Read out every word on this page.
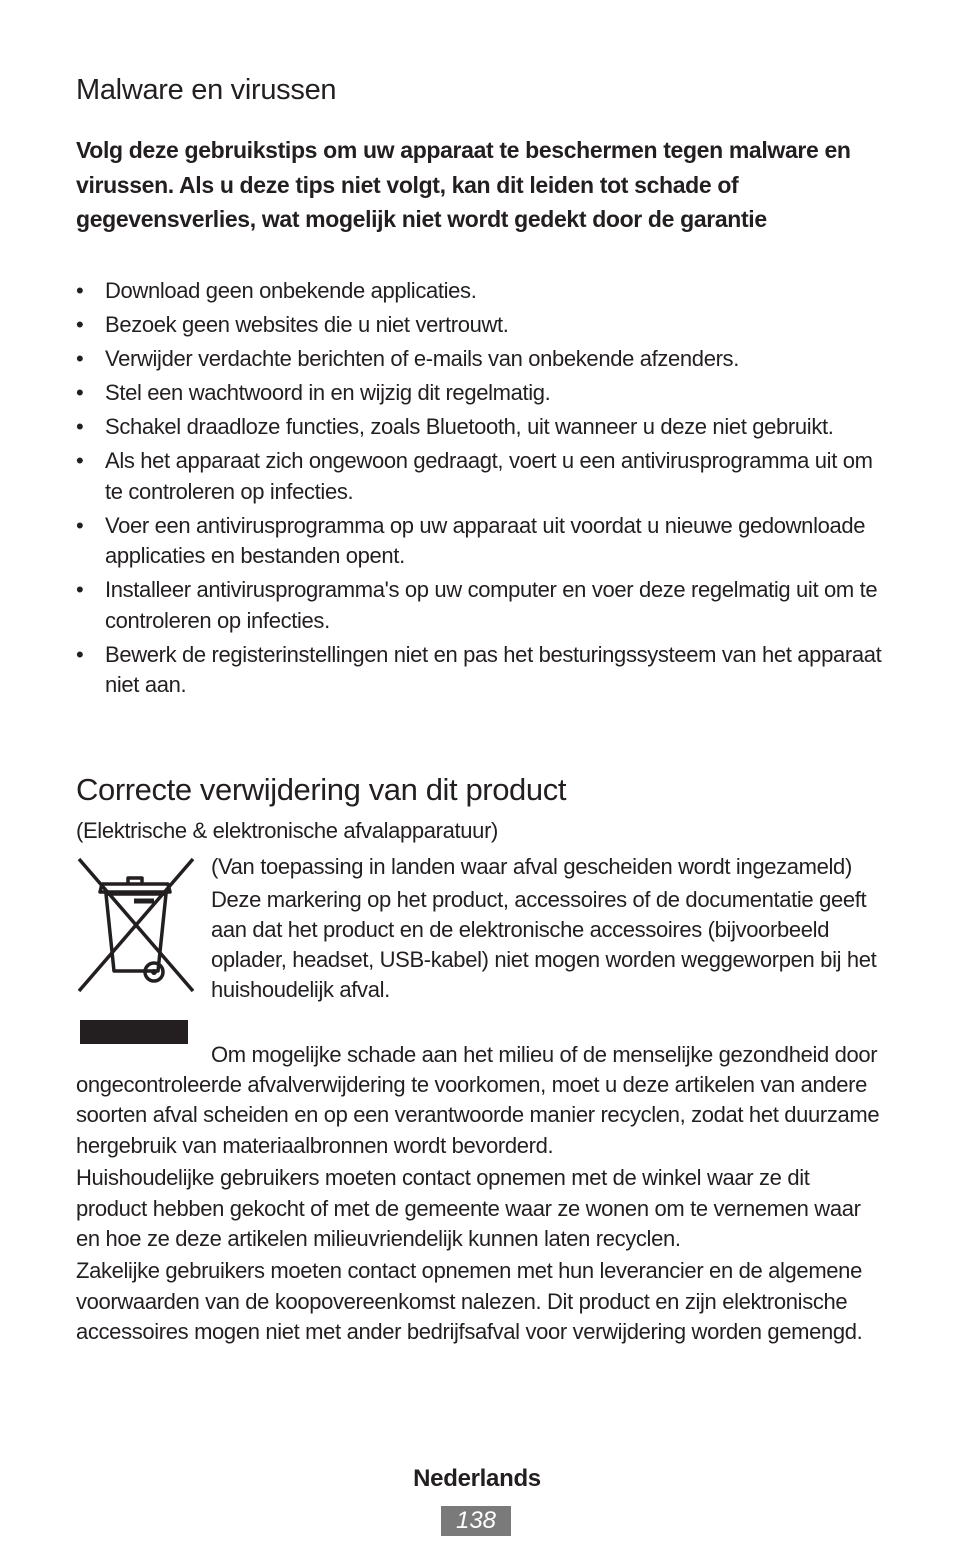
Malware en virussen
Volg deze gebruikstips om uw apparaat te beschermen tegen malware en virussen. Als u deze tips niet volgt, kan dit leiden tot schade of gegevensverlies, wat mogelijk niet wordt gedekt door de garantie
• Download geen onbekende applicaties.
• Bezoek geen websites die u niet vertrouwt.
• Verwijder verdachte berichten of e-mails van onbekende afzenders.
• Stel een wachtwoord in en wijzig dit regelmatig.
• Schakel draadloze functies, zoals Bluetooth, uit wanneer u deze niet gebruikt.
• Als het apparaat zich ongewoon gedraagt, voert u een antivirusprogramma uit om te controleren op infecties.
• Voer een antivirusprogramma op uw apparaat uit voordat u nieuwe gedownloade applicaties en bestanden opent.
• Installeer antivirusprogramma's op uw computer en voer deze regelmatig uit om te controleren op infecties.
• Bewerk de registerinstellingen niet en pas het besturingssysteem van het apparaat niet aan.
Correcte verwijdering van dit product
(Elektrische & elektronische afvalapparatuur)

(Van toepassing in landen waar afval gescheiden wordt ingezameld)

Deze markering op het product, accessoires of de documentatie geeft aan dat het product en de elektronische accessoires (bijvoorbeeld oplader, headset, USB-kabel) niet mogen worden weggeworpen bij het huishoudelijk afval.

Om mogelijke schade aan het milieu of de menselijke gezondheid door ongecontroleerde afvalverwijdering te voorkomen, moet u deze artikelen van andere soorten afval scheiden en op een verantwoorde manier recyclen, zodat het duurzame hergebruik van materiaalbronnen wordt bevorderd.

Huishoudelijke gebruikers moeten contact opnemen met de winkel waar ze dit product hebben gekocht of met de gemeente waar ze wonen om te vernemen waar en hoe ze deze artikelen milieuvriendelijk kunnen laten recyclen.

Zakelijke gebruikers moeten contact opnemen met hun leverancier en de algemene voorwaarden van de koopovereenkomst nalezen. Dit product en zijn elektronische accessoires mogen niet met ander bedrijfsafval voor verwijdering worden gemengd.

Nederlands
138
